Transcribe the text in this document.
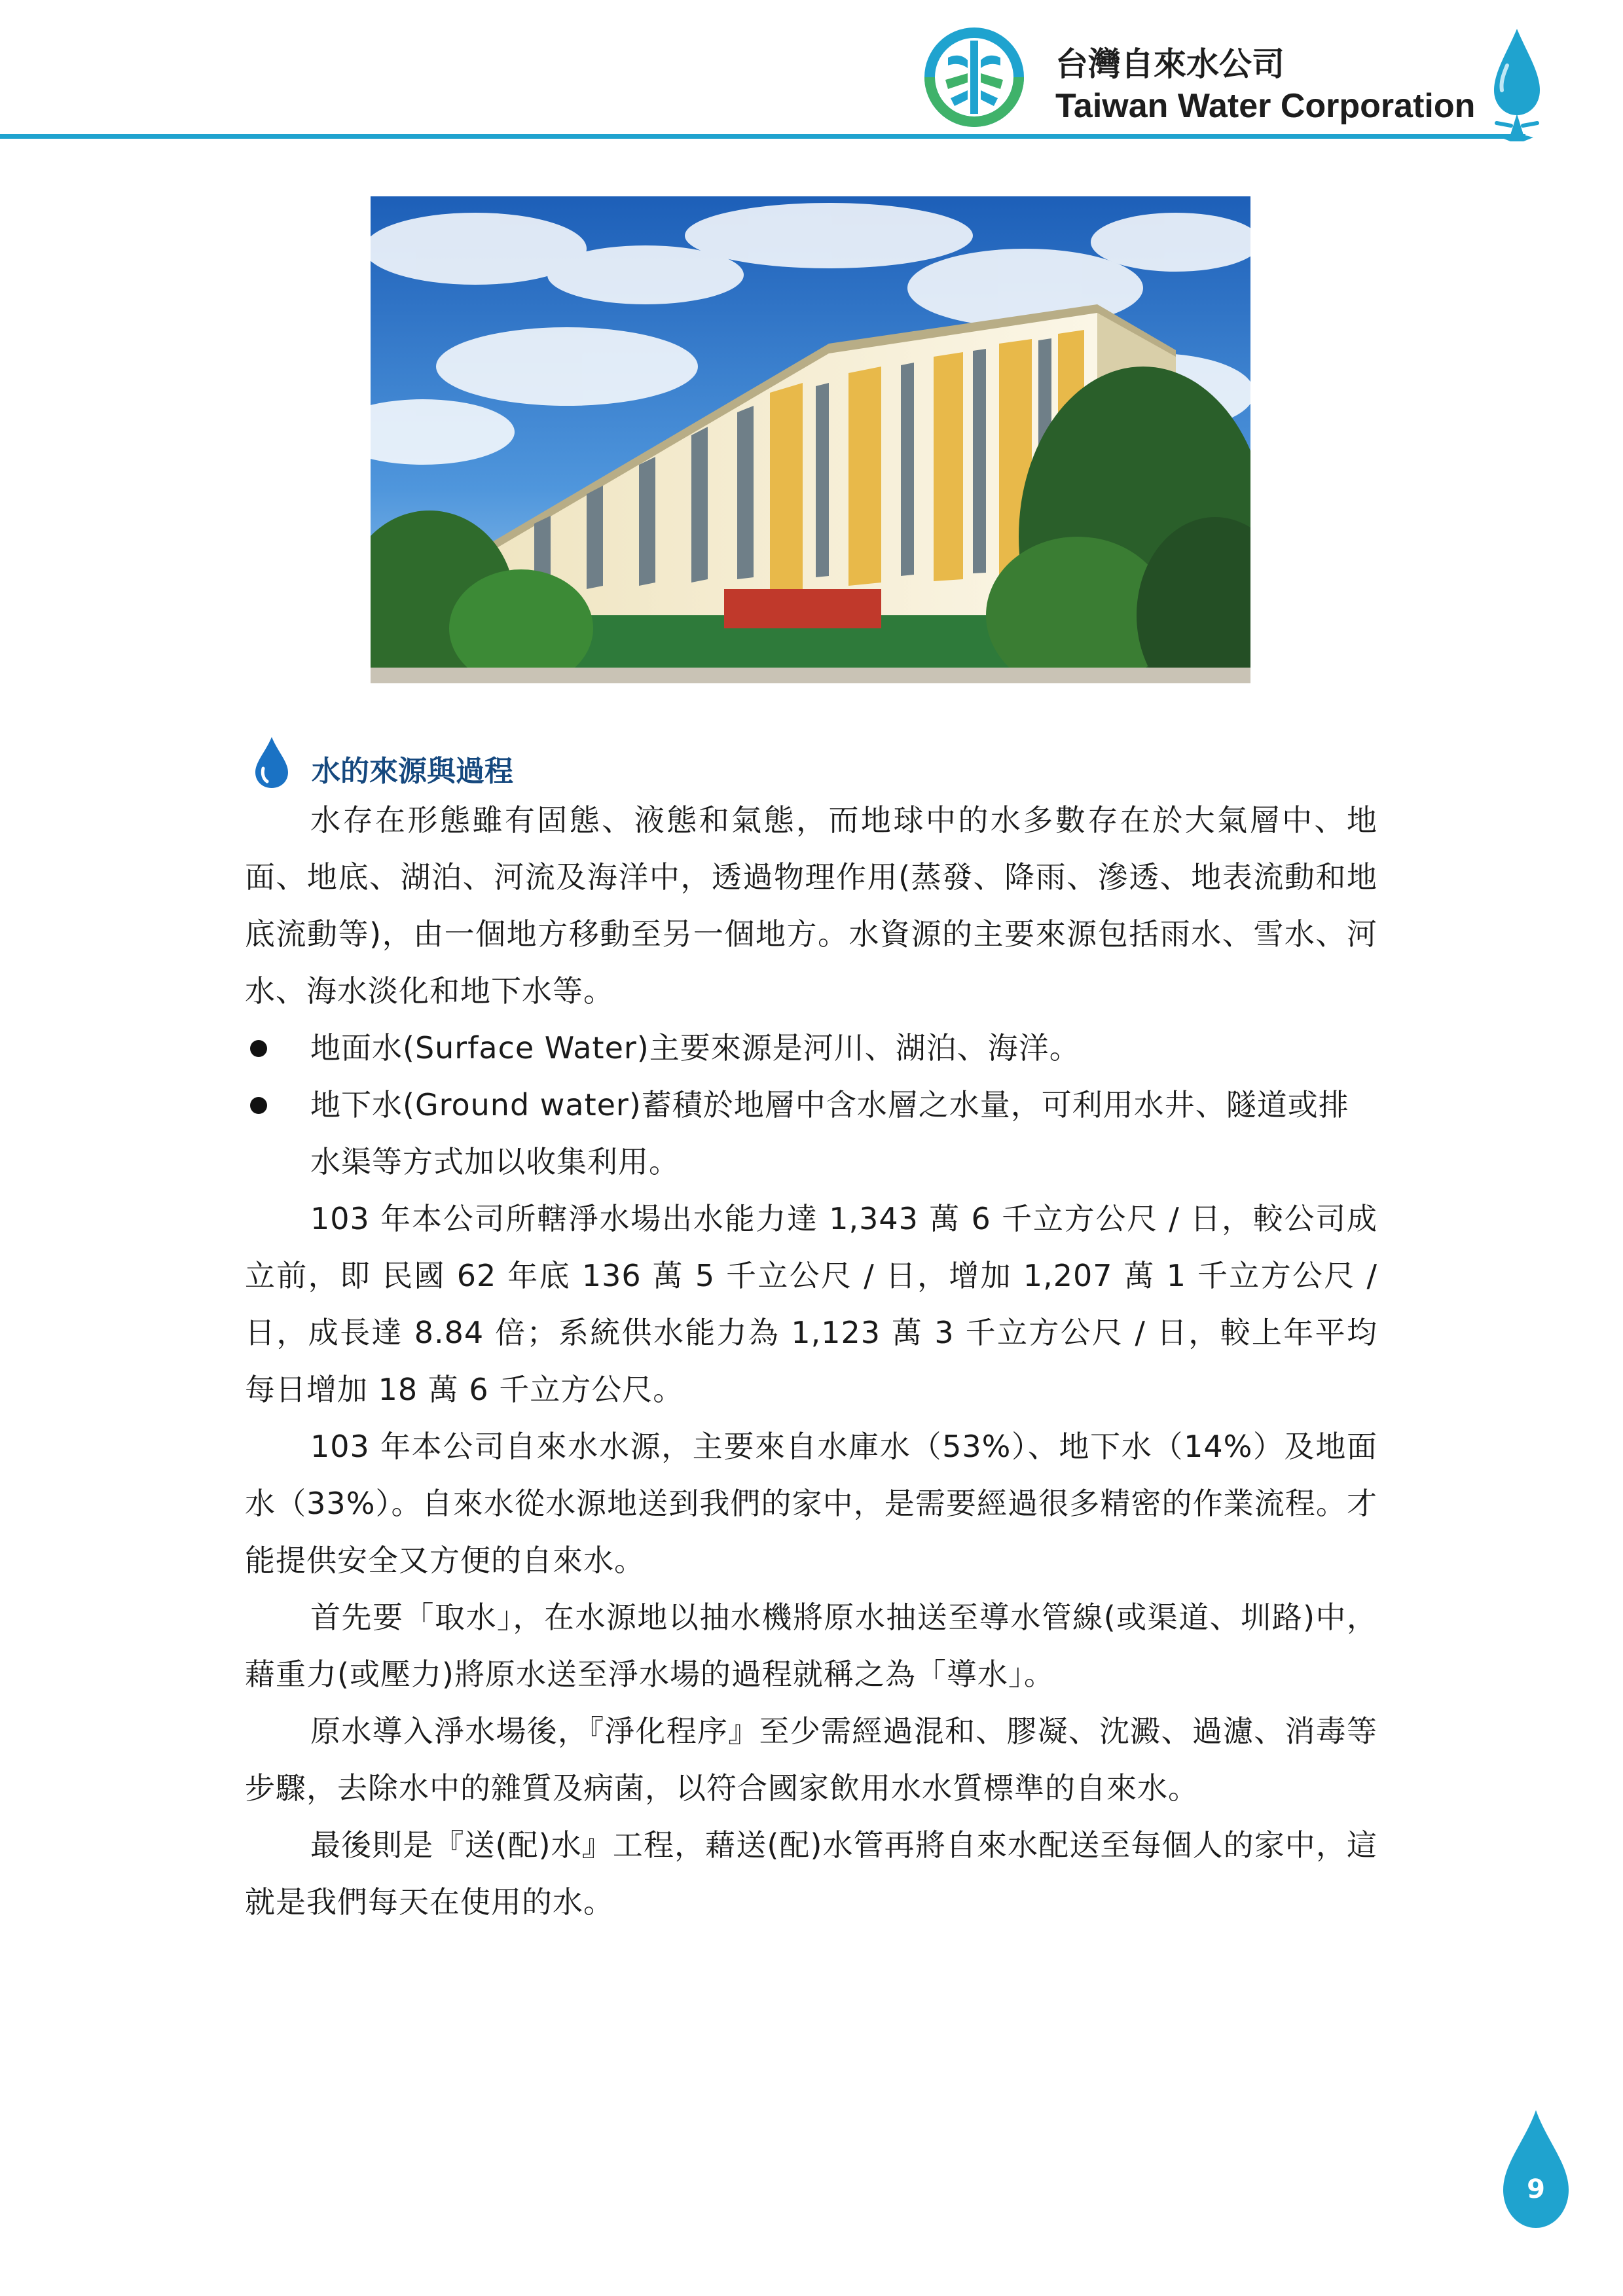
台灣自來水公司
Taiwan Water Corporation
水的來源與過程

水存在形態雖有固態、液態和氣態，而地球中的水多數存在於大氣層中、地面、地底、湖泊、河流及海洋中，透過物理作用(蒸發、降雨、滲透、地表流動和地底流動等)，由一個地方移動至另一個地方。水資源的主要來源包括雨水、雪水、河水、海水淡化和地下水等。

地面水(Surface Water)主要來源是河川、湖泊、海洋。
地下水(Ground water)蓄積於地層中含水層之水量，可利用水井、隧道或排水渠等方式加以收集利用。

103 年本公司所轄淨水場出水能力達 1,343 萬 6 千立方公尺 / 日，較公司成立前，即 民國 62 年底 136 萬 5 千立公尺 / 日，增加 1,207 萬 1 千立方公尺 / 日，成長達 8.84 倍；系統供水能力為 1,123 萬 3 千立方公尺 / 日，較上年平均每日增加 18 萬 6 千立方公尺。

103 年本公司自來水水源，主要來自水庫水（53%）、地下水（14%）及地面水（33%）。自來水從水源地送到我們的家中，是需要經過很多精密的作業流程。才能提供安全又方便的自來水。

首先要「取水」，在水源地以抽水機將原水抽送至導水管線(或渠道、圳路)中，藉重力(或壓力)將原水送至淨水場的過程就稱之為「導水」。

原水導入淨水場後，『淨化程序』至少需經過混和、膠凝、沈澱、過濾、消毒等步驟，去除水中的雜質及病菌，以符合國家飲用水水質標準的自來水。

最後則是『送(配)水』工程，藉送(配)水管再將自來水配送至每個人的家中，這就是我們每天在使用的水。

9
